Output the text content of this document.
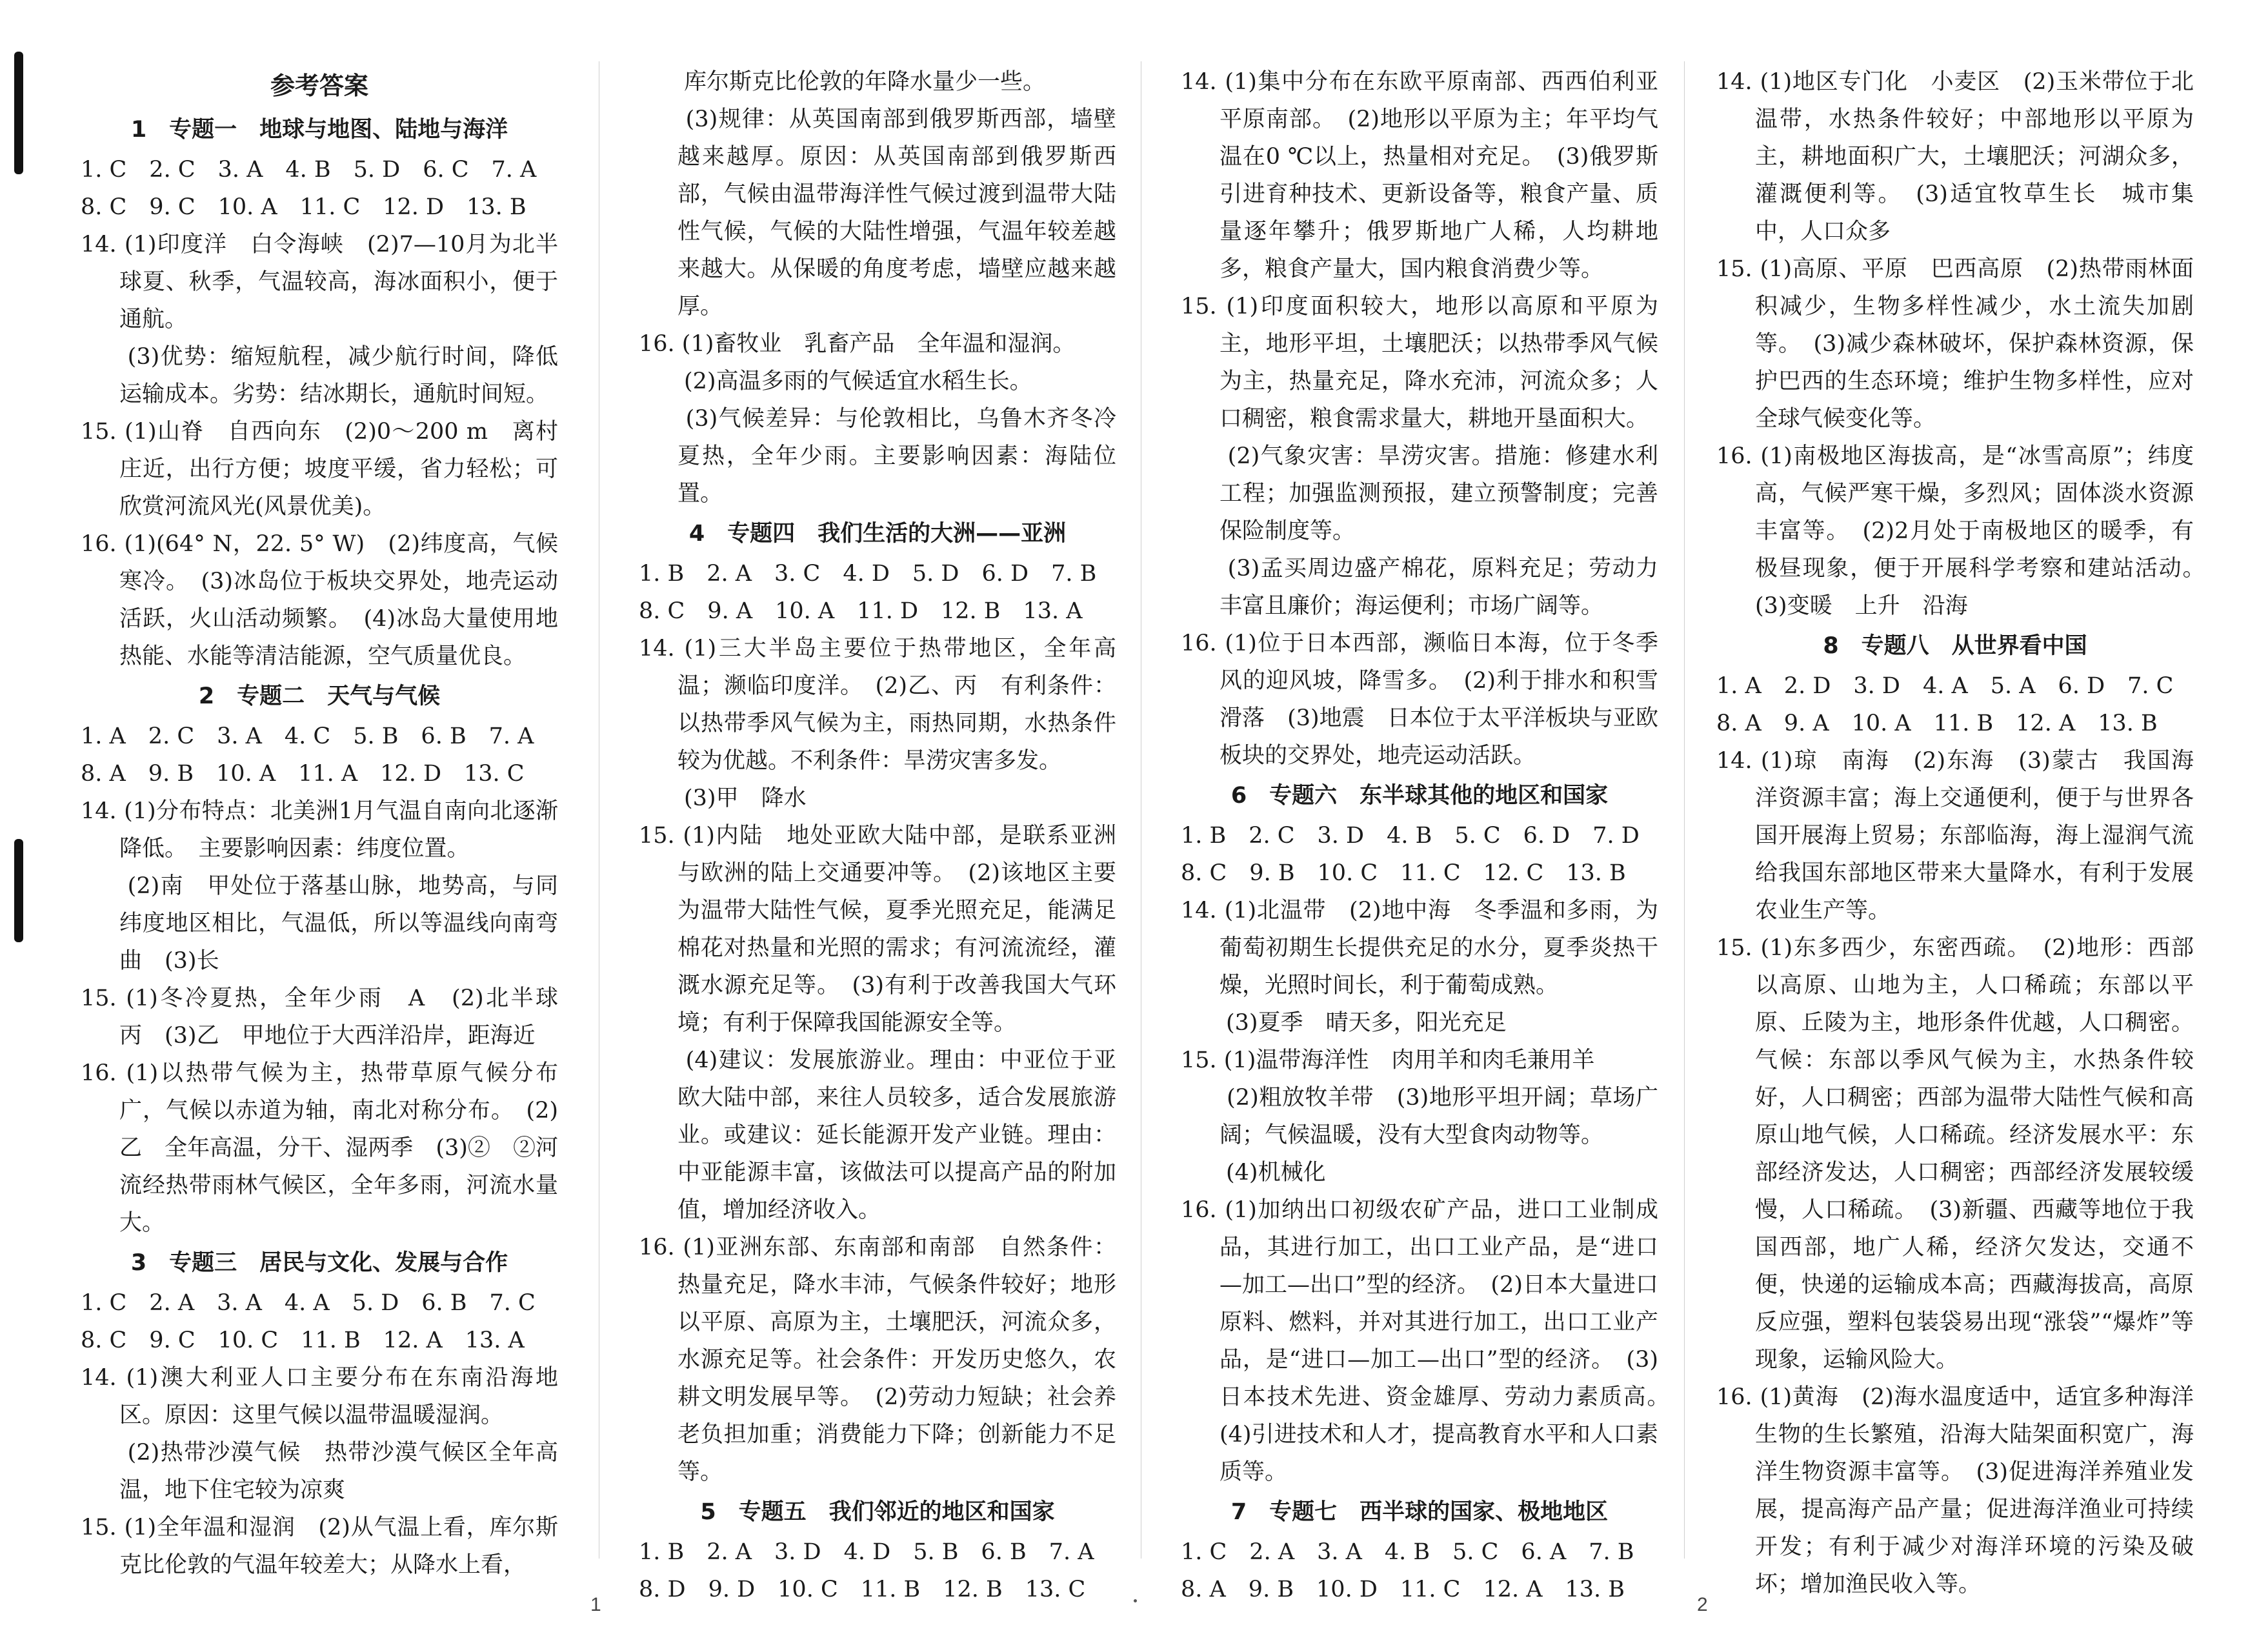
参考答案
1　专题一　地球与地图、陆地与海洋
1. C　2. C　3. A　4. B　5. D　6. C　7. A
8. C　9. C　10. A　11. C　12. D　13. B
14. (1)印度洋　白令海峡　(2)7—10月为北半球夏、秋季，气温较高，海冰面积小，便于通航。
　　(3)优势：缩短航程，减少航行时间，降低运输成本。劣势：结冰期长，通航时间短。
15. (1)山脊　自西向东　(2)0～200 m　离村庄近，出行方便；坡度平缓，省力轻松；可欣赏河流风光(风景优美)。
16. (1)(64° N，22. 5° W)　(2)纬度高，气候寒冷。　(3)冰岛位于板块交界处，地壳运动活跃，火山活动频繁。　(4)冰岛大量使用地热能、水能等清洁能源，空气质量优良。
2　专题二　天气与气候
1. A　2. C　3. A　4. C　5. B　6. B　7. A
8. A　9. B　10. A　11. A　12. D　13. C
14. (1)分布特点：北美洲1月气温自南向北逐渐降低。　主要影响因素：纬度位置。
　　(2)南　甲处位于落基山脉，地势高，与同纬度地区相比，气温低，所以等温线向南弯曲　(3)长
15. (1)冬冷夏热，全年少雨　A　(2)北半球　丙　(3)乙　甲地位于大西洋沿岸，距海近
16. (1)以热带气候为主，热带草原气候分布广，气候以赤道为轴，南北对称分布。　(2)乙　全年高温，分干、湿两季　(3)②　②河流经热带雨林气候区，全年多雨，河流水量大。
3　专题三　居民与文化、发展与合作
1. C　2. A　3. A　4. A　5. D　6. B　7. C
8. C　9. C　10. C　11. B　12. A　13. A
14. (1)澳大利亚人口主要分布在东南沿海地区。原因：这里气候以温带温暖湿润。
　　(2)热带沙漠气候　热带沙漠气候区全年高温，地下住宅较为凉爽
15. (1)全年温和湿润　(2)从气温上看，库尔斯克比伦敦的气温年较差大；从降水上看，
　　库尔斯克比伦敦的年降水量少一些。
　　(3)规律：从英国南部到俄罗斯西部，墙壁越来越厚。原因：从英国南部到俄罗斯西部，气候由温带海洋性气候过渡到温带大陆性气候，气候的大陆性增强，气温年较差越来越大。从保暖的角度考虑，墙壁应越来越厚。
16. (1)畜牧业　乳畜产品　全年温和湿润。
　　(2)高温多雨的气候适宜水稻生长。
　　(3)气候差异：与伦敦相比，乌鲁木齐冬冷夏热，全年少雨。主要影响因素：海陆位置。
4　专题四　我们生活的大洲——亚洲
1. B　2. A　3. C　4. D　5. D　6. D　7. B
8. C　9. A　10. A　11. D　12. B　13. A
14. (1)三大半岛主要位于热带地区，全年高温；濒临印度洋。　(2)乙、丙　有利条件：以热带季风气候为主，雨热同期，水热条件较为优越。不利条件：旱涝灾害多发。
　　(3)甲　降水
15. (1)内陆　地处亚欧大陆中部，是联系亚洲与欧洲的陆上交通要冲等。　(2)该地区主要为温带大陆性气候，夏季光照充足，能满足棉花对热量和光照的需求；有河流流经，灌溉水源充足等。　(3)有利于改善我国大气环境；有利于保障我国能源安全等。
　　(4)建议：发展旅游业。理由：中亚位于亚欧大陆中部，来往人员较多，适合发展旅游业。或建议：延长能源开发产业链。理由：中亚能源丰富，该做法可以提高产品的附加值，增加经济收入。
16. (1)亚洲东部、东南部和南部　自然条件：热量充足，降水丰沛，气候条件较好；地形以平原、高原为主，土壤肥沃，河流众多，水源充足等。社会条件：开发历史悠久，农耕文明发展早等。　(2)劳动力短缺；社会养老负担加重；消费能力下降；创新能力不足等。
5　专题五　我们邻近的地区和国家
1. B　2. A　3. D　4. D　5. B　6. B　7. A
8. D　9. D　10. C　11. B　12. B　13. C
14. (1)集中分布在东欧平原南部、西西伯利亚平原南部。　(2)地形以平原为主；年平均气温在0 ℃以上，热量相对充足。　(3)俄罗斯引进育种技术、更新设备等，粮食产量、质量逐年攀升；俄罗斯地广人稀，人均耕地多，粮食产量大，国内粮食消费少等。
15. (1)印度面积较大，地形以高原和平原为主，地形平坦，土壤肥沃；以热带季风气候为主，热量充足，降水充沛，河流众多；人口稠密，粮食需求量大，耕地开垦面积大。
　　(2)气象灾害：旱涝灾害。措施：修建水利工程；加强监测预报，建立预警制度；完善保险制度等。
　　(3)孟买周边盛产棉花，原料充足；劳动力丰富且廉价；海运便利；市场广阔等。
16. (1)位于日本西部，濒临日本海，位于冬季风的迎风坡，降雪多。　(2)利于排水和积雪滑落　(3)地震　日本位于太平洋板块与亚欧板块的交界处，地壳运动活跃。
6　专题六　东半球其他的地区和国家
1. B　2. C　3. D　4. B　5. C　6. D　7. D
8. C　9. B　10. C　11. C　12. C　13. B
14. (1)北温带　(2)地中海　冬季温和多雨，为葡萄初期生长提供充足的水分，夏季炎热干燥，光照时间长，利于葡萄成熟。
　　(3)夏季　晴天多，阳光充足
15. (1)温带海洋性　肉用羊和肉毛兼用羊
　　(2)粗放牧羊带　(3)地形平坦开阔；草场广阔；气候温暖，没有大型食肉动物等。
　　(4)机械化
16. (1)加纳出口初级农矿产品，进口工业制成品，其进行加工，出口工业产品，是“进口—加工—出口”型的经济。　(2)日本大量进口原料、燃料，并对其进行加工，出口工业产品，是“进口—加工—出口”型的经济。　(3)日本技术先进、资金雄厚、劳动力素质高。　(4)引进技术和人才，提高教育水平和人口素质等。
7　专题七　西半球的国家、极地地区
1. C　2. A　3. A　4. B　5. C　6. A　7. B
8. A　9. B　10. D　11. C　12. A　13. B
14. (1)地区专门化　小麦区　(2)玉米带位于北温带，水热条件较好；中部地形以平原为主，耕地面积广大，土壤肥沃；河湖众多，灌溉便利等。　(3)适宜牧草生长　城市集中，人口众多
15. (1)高原、平原　巴西高原　(2)热带雨林面积减少，生物多样性减少，水土流失加剧等。　(3)减少森林破坏，保护森林资源，保护巴西的生态环境；维护生物多样性，应对全球气候变化等。
16. (1)南极地区海拔高，是“冰雪高原”；纬度高，气候严寒干燥，多烈风；固体淡水资源丰富等。　(2)2月处于南极地区的暖季，有极昼现象，便于开展科学考察和建站活动。　(3)变暖　上升　沿海
8　专题八　从世界看中国
1. A　2. D　3. D　4. A　5. A　6. D　7. C
8. A　9. A　10. A　11. B　12. A　13. B
14. (1)琼　南海　(2)东海　(3)蒙古　我国海洋资源丰富；海上交通便利，便于与世界各国开展海上贸易；东部临海，海上湿润气流给我国东部地区带来大量降水，有利于发展农业生产等。
15. (1)东多西少，东密西疏。　(2)地形：西部以高原、山地为主，人口稀疏；东部以平原、丘陵为主，地形条件优越，人口稠密。气候：东部以季风气候为主，水热条件较好，人口稠密；西部为温带大陆性气候和高原山地气候，人口稀疏。经济发展水平：东部经济发达，人口稠密；西部经济发展较缓慢，人口稀疏。　(3)新疆、西藏等地位于我国西部，地广人稀，经济欠发达，交通不便，快递的运输成本高；西藏海拔高，高原反应强，塑料包装袋易出现“涨袋”“爆炸”等现象，运输风险大。
16. (1)黄海　(2)海水温度适中，适宜多种海洋生物的生长繁殖，沿海大陆架面积宽广，海洋生物资源丰富等。　(3)促进海洋养殖业发展，提高海产品产量；促进海洋渔业可持续开发；有利于减少对海洋环境的污染及破坏；增加渔民收入等。
1	2
